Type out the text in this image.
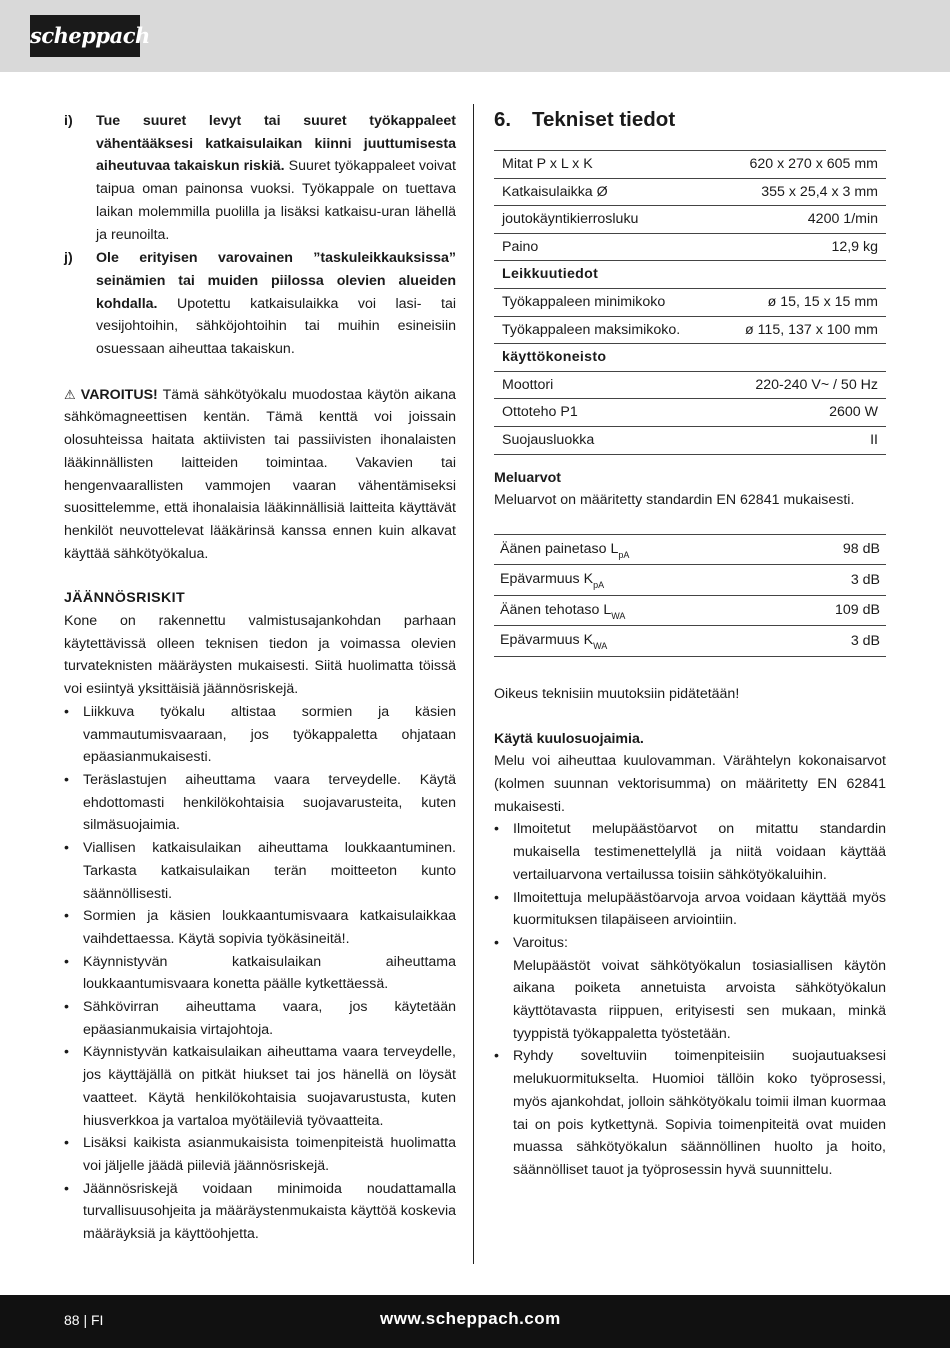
scheppach
i) Tue suuret levyt tai suuret työkappaleet vähentääksesi katkaisulaikan kiinni juuttumisesta aiheutuvaa takaiskun riskiä. Suuret työkappaleet voivat taipua oman painonsa vuoksi. Työkappale on tuettava laikan molemmilla puolilla ja lisäksi katkaisu-uran lähellä ja reunoilta.
j) Ole erityisen varovainen ”taskuleikkauksissa” seinämien tai muiden piilossa olevien alueiden kohdalla. Upotettu katkaisulaikka voi lasi- tai vesijohtoihin, sähköjohtoihin tai muihin esineisiin osuessaan aiheuttaa takaiskun.
⚠ VAROITUS! Tämä sähkötyökalu muodostaa käytön aikana sähkömagneettisen kentän. Tämä kenttä voi joissain olosuhteissa haitata aktiivisten tai passiivisten ihonalaisten lääkinnällisten laitteiden toimintaa. Vakavien tai hengenvaarallisten vammojen vaaran vähentämiseksi suosittelemme, että ihonalaisia lääkinnällisiä laitteita käyttävät henkilöt neuvottelevat lääkärinsä kanssa ennen kuin alkavat käyttää sähkötyökalua.
JÄÄNNÖSRISKIT
Kone on rakennettu valmistusajankohdan parhaan käytettävissä olleen teknisen tiedon ja voimassa olevien turvateknisten määräysten mukaisesti. Siitä huolimatta töissä voi esiintyä yksittäisiä jäännösriskejä.
• Liikkuva työkalu altistaa sormien ja käsien vammautumisvaaraan, jos työkappaletta ohjataan epäasianmukaisesti.
• Teräslastujen aiheuttama vaara terveydelle. Käytä ehdottomasti henkilökohtaisia suojavarusteita, kuten silmäsuojaimia.
• Viallisen katkaisulaikan aiheuttama loukkaantuminen. Tarkasta katkaisulaikan terän moitteeton kunto säännöllisesti.
• Sormien ja käsien loukkaantumisvaara katkaisulaikkaa vaihdettaessa. Käytä sopivia työkäsineitä!.
• Käynnistyvän katkaisulaikan aiheuttama loukkaantumisvaara konetta päälle kytkettäessä.
• Sähkövirran aiheuttama vaara, jos käytetään epäasianmukaisia virtajohtoja.
• Käynnistyvän katkaisulaikan aiheuttama vaara terveydelle, jos käyttäjällä on pitkät hiukset tai jos hänellä on löysät vaatteet. Käytä henkilökohtaisia suojavarustusta, kuten hiusverkkoa ja vartaloa myötäileviä työvaatteita.
• Lisäksi kaikista asianmukaisista toimenpiteistä huolimatta voi jäljelle jäädä piileviä jäännösriskejä.
• Jäännösriskejä voidaan minimoida noudattamalla turvallisuusohjeita ja määräystenmukaista käyttöä koskevia määräyksiä ja käyttöohjetta.
6. Tekniset tiedot
Mitat P x L x K	620 x 270 x 605 mm
Katkaisulaikka Ø	355 x 25,4 x 3 mm
joutokäyntikierrosluku	4200 1/min
Paino	12,9 kg
Leikkuutiedot	
Työkappaleen minimikoko	ø 15, 15 x 15 mm
Työkappaleen maksimikoko.	ø 115, 137 x 100 mm
käyttökoneisto	
Moottori	220-240 V~ / 50 Hz
Ottoteho P1	2600 W
Suojausluokka	II
Meluarvot
Meluarvot on määritetty standardin EN 62841 mukaisesti.
Äänen painetaso $L_{pA}$	98 dB
Epävarmuus $K_{pA}$	3 dB
Äänen tehotaso $L_{WA}$	109 dB
Epävarmuus $K_{WA}$	3 dB
Oikeus teknisiin muutoksiin pidätetään!
Käytä kuulosuojaimia.
Melu voi aiheuttaa kuulovamman. Värähtelyn kokonaisarvot (kolmen suunnan vektorisumma) on määritetty EN 62841 mukaisesti.
• Ilmoitetut melupäästöarvot on mitattu standardin mukaisella testimenettelyllä ja niitä voidaan käyttää vertailuarvona vertailussa toisiin sähkötyökaluihin.
• Ilmoitettuja melupäästöarvoja arvoa voidaan käyttää myös kuormituksen tilapäiseen arviointiin.
• Varoitus:
Melupäästöt voivat sähkötyökalun tosiasiallisen käytön aikana poiketa annetuista arvoista sähkötyökalun käyttötavasta riippuen, erityisesti sen mukaan, minkä tyyppistä työkappaletta työstetään.
• Ryhdy soveltuviin toimenpiteisiin suojautuaksesi melukuormitukselta. Huomioi tällöin koko työprosessi, myös ajankohdat, jolloin sähkötyökalu toimii ilman kuormaa tai on pois kytkettynä. Sopivia toimenpiteitä ovat muiden muassa sähkötyökalun säännöllinen huolto ja hoito, säännölliset tauot ja työprosessin hyvä suunnittelu.
88 | FI	www.scheppach.com
